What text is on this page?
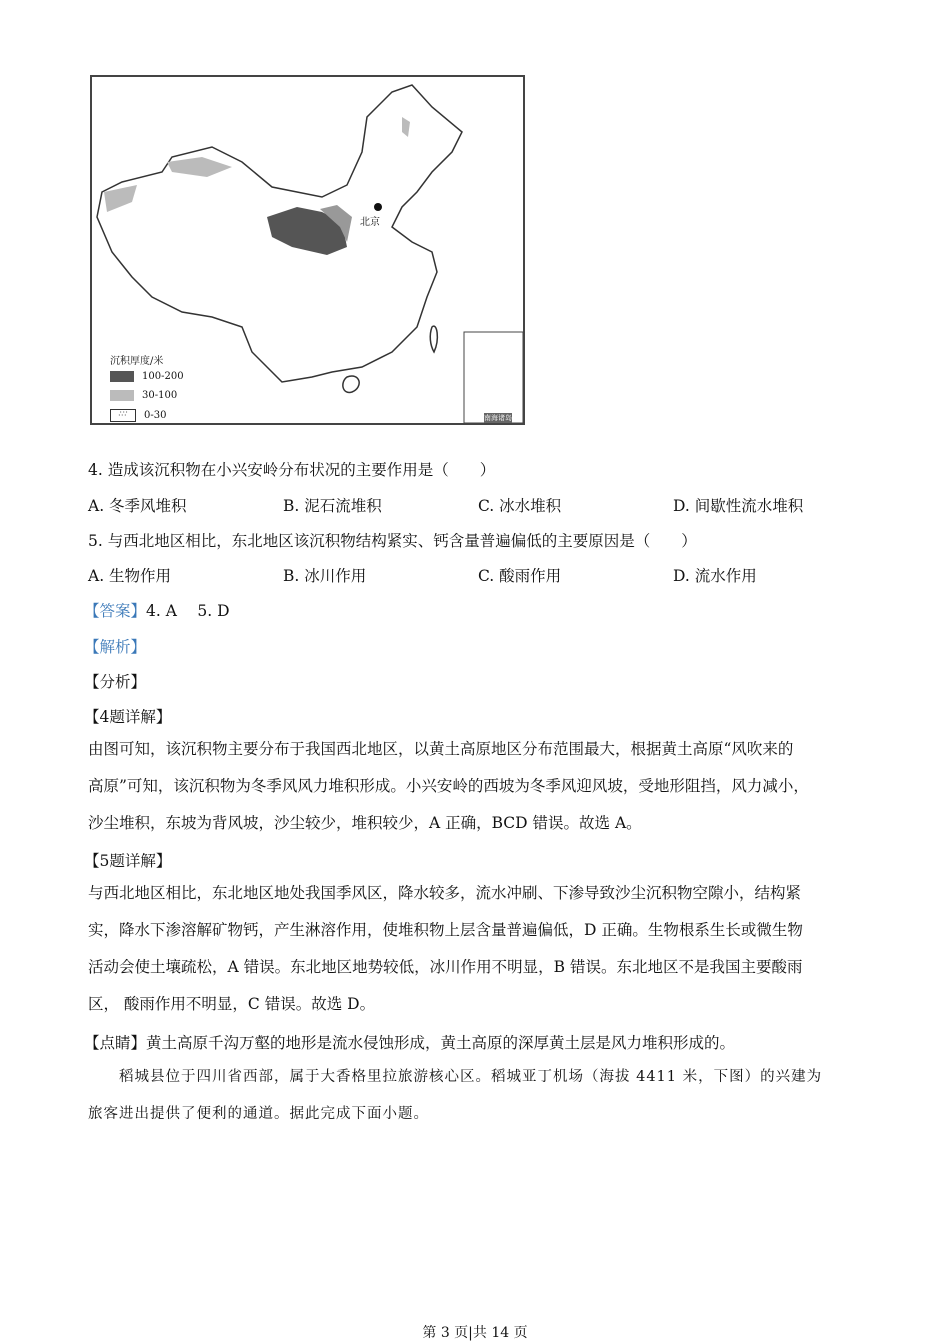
北京
沉积厚度/米
100-200
30-100
∴∵	0-30	南海诸岛
4. 造成该沉积物在小兴安岭分布状况的主要作用是（　　）
A. 冬季风堆积	B. 泥石流堆积	C. 冰水堆积	D. 间歇性流水堆积
5. 与西北地区相比，东北地区该沉积物结构紧实、钙含量普遍偏低的主要原因是（　　）
A. 生物作用	B. 冰川作用	C. 酸雨作用	D. 流水作用
【答案】4. A　 5. D
【解析】
【分析】
【4题详解】
由图可知，该沉积物主要分布于我国西北地区，以黄土高原地区分布范围最大，根据黄土高原“风吹来的
高原”可知，该沉积物为冬季风风力堆积形成。小兴安岭的西坡为冬季风迎风坡，受地形阻挡，风力减小，
沙尘堆积，东坡为背风坡，沙尘较少，堆积较少，A 正确，BCD 错误。故选 A。
【5题详解】
与西北地区相比，东北地区地处我国季风区，降水较多，流水冲刷、下渗导致沙尘沉积物空隙小，结构紧
实，降水下渗溶解矿物钙，产生淋溶作用，使堆积物上层含量普遍偏低，D 正确。生物根系生长或微生物
活动会使土壤疏松，A 错误。东北地区地势较低，冰川作用不明显，B 错误。东北地区不是我国主要酸雨
区， 酸雨作用不明显，C 错误。故选 D。
【点睛】黄土高原千沟万壑的地形是流水侵蚀形成，黄土高原的深厚黄土层是风力堆积形成的。
　　稻城县位于四川省西部，属于大香格里拉旅游核心区。稻城亚丁机场（海拔 4411 米，下图）的兴建为
旅客进出提供了便利的通道。据此完成下面小题。
第 3 页|共 14 页
